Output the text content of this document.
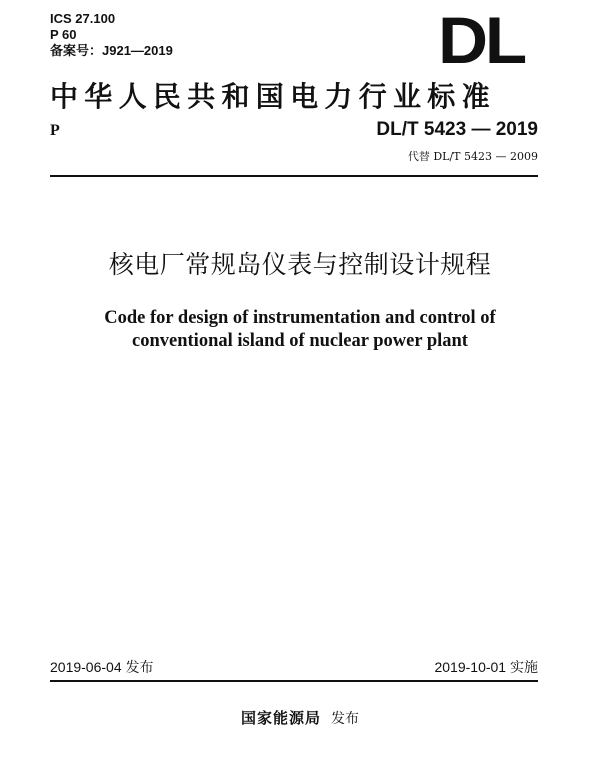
ICS 27.100
P 60
备案号：J921—2019	DL
中华人民共和国电力行业标准
P	DL/T 5423 — 2019
代替 DL/T 5423 — 2009
核电厂常规岛仪表与控制设计规程
Code for design of instrumentation and control of
conventional island of nuclear power plant
2019-06-04 发布	2019-10-01 实施
国家能源局 发布
